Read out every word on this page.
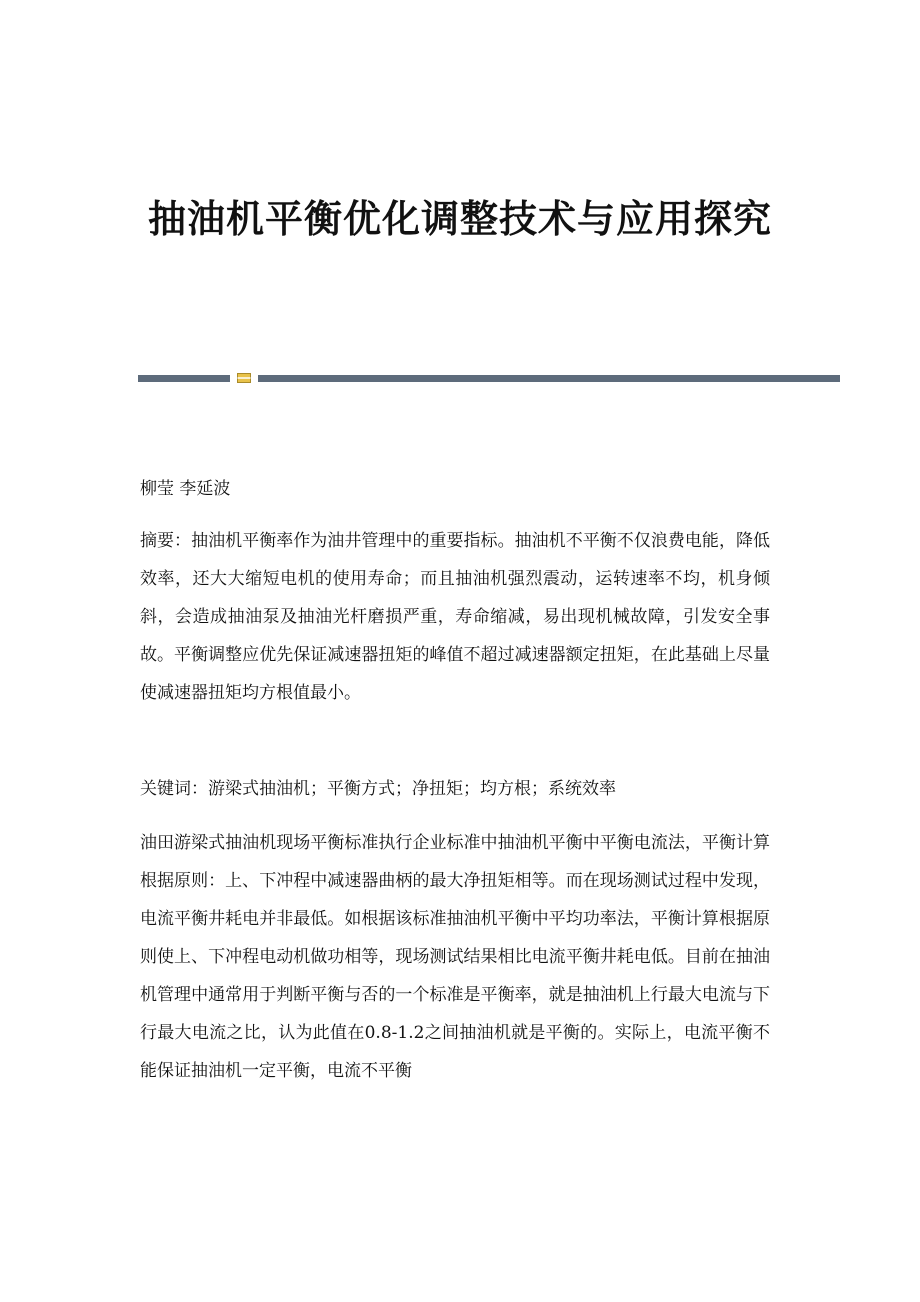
抽油机平衡优化调整技术与应用探究

柳莹 李延波

摘要：抽油机平衡率作为油井管理中的重要指标。抽油机不平衡不仅浪费电能，降低效率，还大大缩短电机的使用寿命；而且抽油机强烈震动，运转速率不均，机身倾斜，会造成抽油泵及抽油光杆磨损严重，寿命缩减，易出现机械故障，引发安全事故。平衡调整应优先保证减速器扭矩的峰值不超过减速器额定扭矩，在此基础上尽量使减速器扭矩均方根值最小。

关键词：游梁式抽油机；平衡方式；净扭矩；均方根；系统效率

油田游梁式抽油机现场平衡标准执行企业标准中抽油机平衡中平衡电流法，平衡计算根据原则：上、下冲程中减速器曲柄的最大净扭矩相等。而在现场测试过程中发现，电流平衡井耗电并非最低。如根据该标准抽油机平衡中平均功率法，平衡计算根据原则使上、下冲程电动机做功相等，现场测试结果相比电流平衡井耗电低。目前在抽油机管理中通常用于判断平衡与否的一个标准是平衡率，就是抽油机上行最大电流与下行最大电流之比，认为此值在0.8-1.2之间抽油机就是平衡的。实际上，电流平衡不能保证抽油机一定平衡，电流不平衡
